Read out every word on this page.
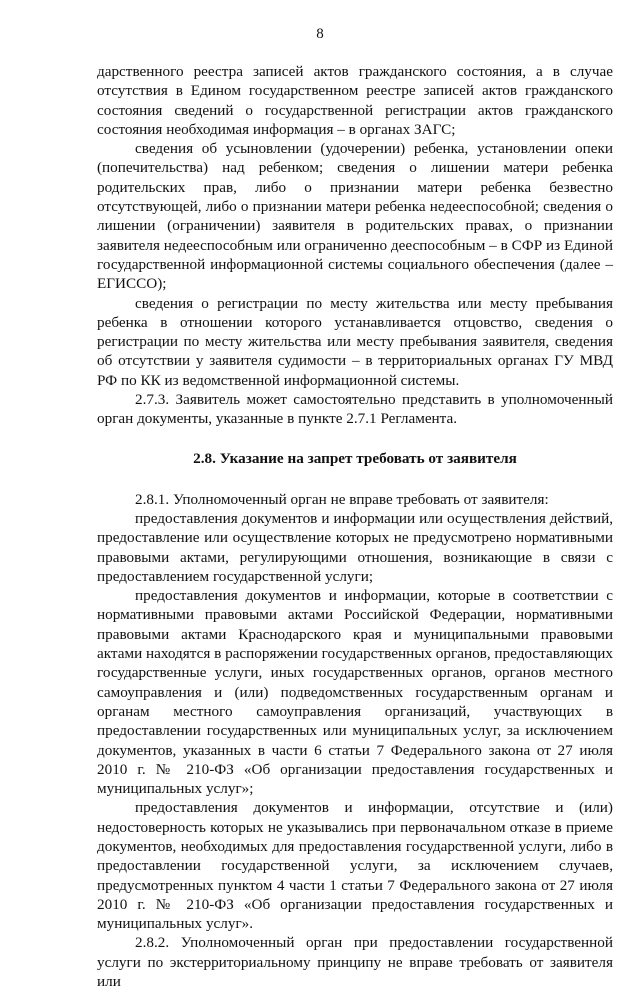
8

дарственного реестра записей актов гражданского состояния, а в случае отсутствия в Едином государственном реестре записей актов гражданского состояния сведений о государственной регистрации актов гражданского состояния необходимая информация – в органах ЗАГС;

сведения об усыновлении (удочерении) ребенка, установлении опеки (попечительства) над ребенком; сведения о лишении матери ребенка родительских прав, либо о признании матери ребенка безвестно отсутствующей, либо о признании матери ребенка недееспособной; сведения о лишении (ограничении) заявителя в родительских правах, о признании заявителя недееспособным или ограниченно дееспособным – в СФР из Единой государственной информационной системы социального обеспечения (далее – ЕГИССО);

сведения о регистрации по месту жительства или месту пребывания ребенка в отношении которого устанавливается отцовство, сведения о регистрации по месту жительства или месту пребывания заявителя, сведения об отсутствии у заявителя судимости – в территориальных органах ГУ МВД РФ по КК из ведомственной информационной системы.

2.7.3. Заявитель может самостоятельно представить в уполномоченный орган документы, указанные в пункте 2.7.1 Регламента.

2.8. Указание на запрет требовать от заявителя

2.8.1. Уполномоченный орган не вправе требовать от заявителя:

предоставления документов и информации или осуществления действий, предоставление или осуществление которых не предусмотрено нормативными правовыми актами, регулирующими отношения, возникающие в связи с предоставлением государственной услуги;

предоставления документов и информации, которые в соответствии с нормативными правовыми актами Российской Федерации, нормативными правовыми актами Краснодарского края и муниципальными правовыми актами находятся в распоряжении государственных органов, предоставляющих государственные услуги, иных государственных органов, органов местного самоуправления и (или) подведомственных государственным органам и органам местного самоуправления организаций, участвующих в предоставлении государственных или муниципальных услуг, за исключением документов, указанных в части 6 статьи 7 Федерального закона от 27 июля 2010 г. № 210-ФЗ «Об организации предоставления государственных и муниципальных услуг»;

предоставления документов и информации, отсутствие и (или) недостоверность которых не указывались при первоначальном отказе в приеме документов, необходимых для предоставления государственной услуги, либо в предоставлении государственной услуги, за исключением случаев, предусмотренных пунктом 4 части 1 статьи 7 Федерального закона от 27 июля 2010 г. № 210-ФЗ «Об организации предоставления государственных и муниципальных услуг».

2.8.2. Уполномоченный орган при предоставлении государственной услуги по экстерриториальному принципу не вправе требовать от заявителя или
